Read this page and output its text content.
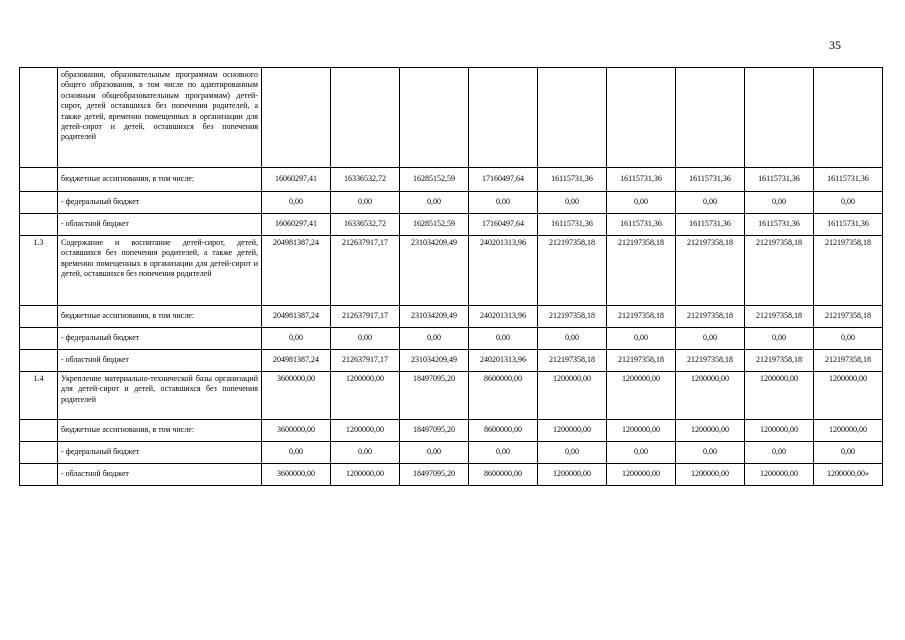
35
	образования, образовательным программам основного общего образования, в том числе по адаптированным основным общеобразовательным программам) детей-сирот, детей оставшихся без попечения родителей, а также детей, временно помещенных в организации для детей-сирот и детей, оставшихся без попечения родителей									
	бюджетные ассигнования, в том числе:	16060297,41	16336532,72	16285152,59	17160497,64	16115731,36	16115731,36	16115731,36	16115731,36	16115731,36
	- федеральный бюджет	0,00	0,00	0,00	0,00	0,00	0,00	0,00	0,00	0,00
	- областной бюджет	16060297,41	16336532,72	16285152,59	17160497,64	16115731,36	16115731,36	16115731,36	16115731,36	16115731,36
1.3	Содержание и воспитание детей-сирот, детей, оставшихся без попечения родителей, а также детей, временно помещенных в организации для детей-сирот и детей, оставшихся без попечения родителей	204981387,24	212637917,17	231034209,49	240201313,96	212197358,18	212197358,18	212197358,18	212197358,18	212197358,18
	бюджетные ассигнования, в том числе:	204981387,24	212637917,17	231034209,49	240201313,96	212197358,18	212197358,18	212197358,18	212197358,18	212197358,18
	- федеральный бюджет	0,00	0,00	0,00	0,00	0,00	0,00	0,00	0,00	0,00
	- областной бюджет	204981387,24	212637917,17	231034209,49	240201313,96	212197358,18	212197358,18	212197358,18	212197358,18	212197358,18
1.4	Укрепление материально-технической базы организаций для детей-сирот и детей, оставшихся без попечения родителей	3600000,00	1200000,00	18497095,20	8600000,00	1200000,00	1200000,00	1200000,00	1200000,00	1200000,00
	бюджетные ассигнования, в том числе:	3600000,00	1200000,00	18497095,20	8600000,00	1200000,00	1200000,00	1200000,00	1200000,00	1200000,00
	- федеральный бюджет	0,00	0,00	0,00	0,00	0,00	0,00	0,00	0,00	0,00
	- областной бюджет	3600000,00	1200000,00	18497095,20	8600000,00	1200000,00	1200000,00	1200000,00	1200000,00	1200000,00»
